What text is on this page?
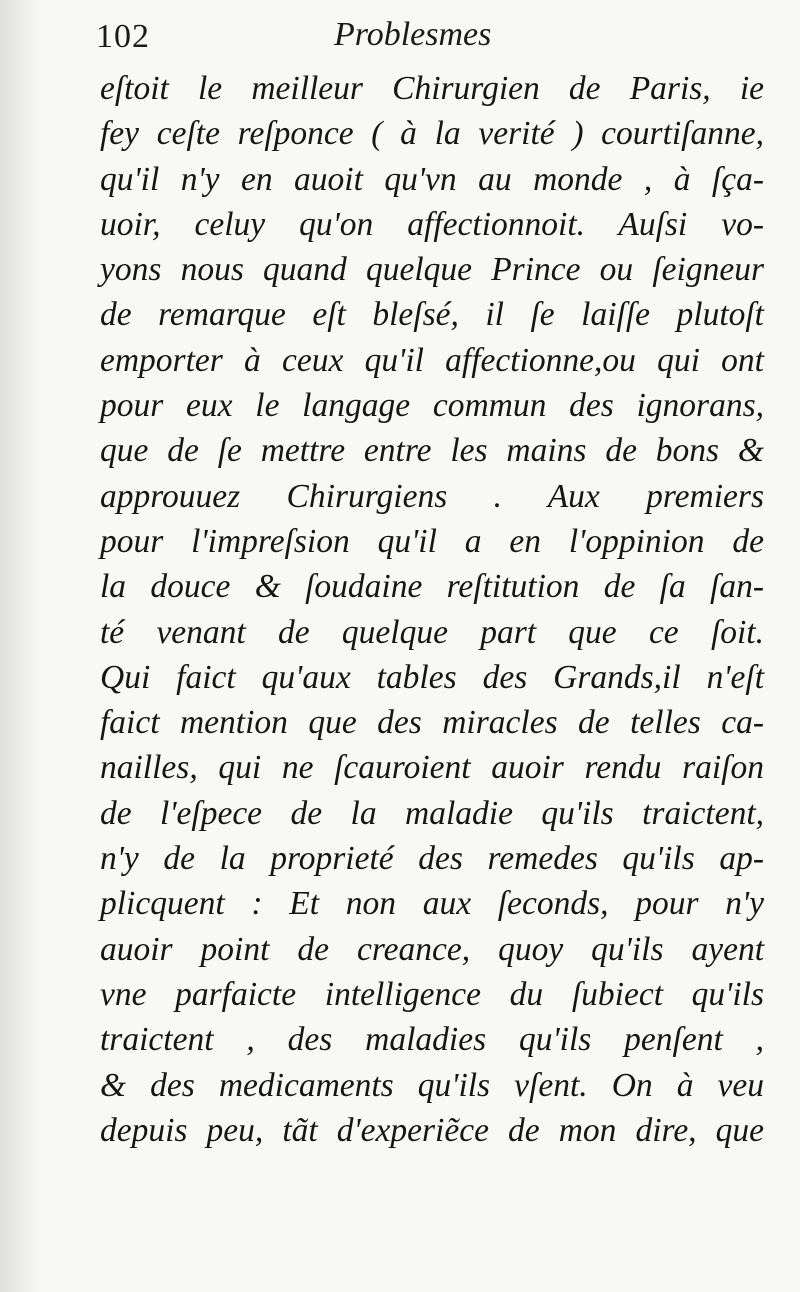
102	Problesmes
eſtoit le meilleur Chirurgien de Paris, ie
fey ceſte reſponce ( à la verité ) courtiſanne,
qu'il n'y en auoit qu'vn au monde , à ſça-
uoir, celuy qu'on affectionnoit. Auſsi vo-
yons nous quand quelque Prince ou ſeigneur
de remarque eſt bleſsé, il ſe laiſſe plutoſt
emporter à ceux qu'il affectionne,ou qui ont
pour eux le langage commun des ignorans,
que de ſe mettre entre les mains de bons &
approuuez Chirurgiens . Aux premiers
pour l'impreſsion qu'il a en l'oppinion de
la douce & ſoudaine reſtitution de ſa ſan-
té venant de quelque part que ce ſoit.
Qui faict qu'aux tables des Grands,il n'eſt
faict mention que des miracles de telles ca-
nailles, qui ne ſcauroient auoir rendu raiſon
de l'eſpece de la maladie qu'ils traictent,
n'y de la proprieté des remedes qu'ils ap-
plicquent : Et non aux ſeconds, pour n'y
auoir point de creance, quoy qu'ils ayent
vne parfaicte intelligence du ſubiect qu'ils
traictent , des maladies qu'ils penſent ,
& des medicaments qu'ils vſent. On à veu
depuis peu, tãt d'experiẽce de mon dire, que
